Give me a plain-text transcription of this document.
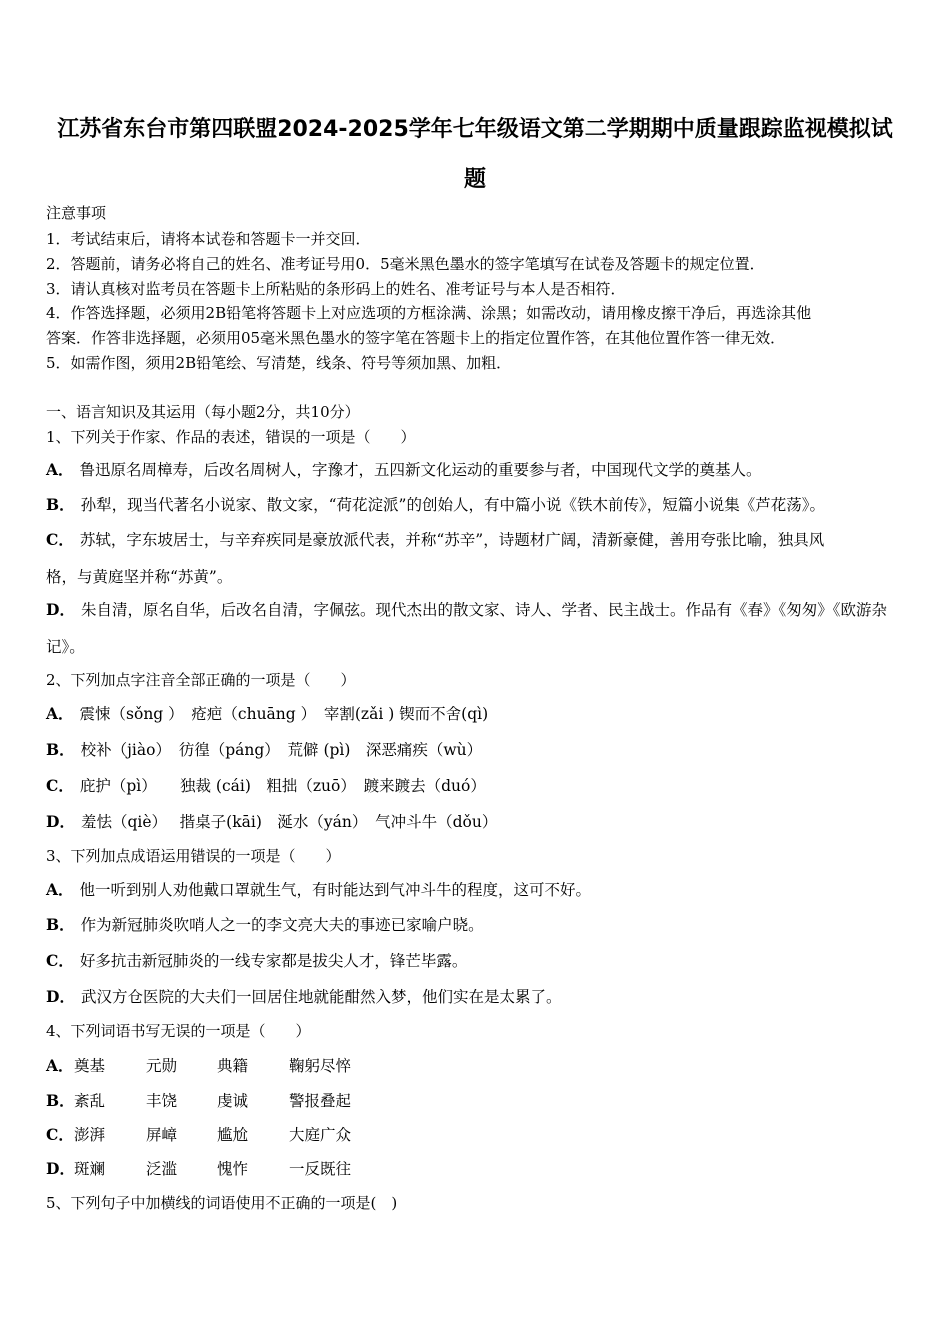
江苏省东台市第四联盟2024-2025学年七年级语文第二学期期中质量跟踪监视模拟试
题
注意事项
1．考试结束后，请将本试卷和答题卡一并交回．
2．答题前，请务必将自己的姓名、准考证号用0．5毫米黑色墨水的签字笔填写在试卷及答题卡的规定位置．
3．请认真核对监考员在答题卡上所粘贴的条形码上的姓名、准考证号与本人是否相符．
4．作答选择题，必须用2B铅笔将答题卡上对应选项的方框涂满、涂黑；如需改动，请用橡皮擦干净后，再选涂其他
答案．作答非选择题，必须用05毫米黑色墨水的签字笔在答题卡上的指定位置作答，在其他位置作答一律无效．
5．如需作图，须用2B铅笔绘、写清楚，线条、符号等须加黑、加粗．
一、语言知识及其运用（每小题2分，共10分）
1、下列关于作家、作品的表述，错误的一项是（　　）
A． 鲁迅原名周樟寿，后改名周树人，字豫才，五四新文化运动的重要参与者，中国现代文学的奠基人。
B． 孙犁，现当代著名小说家、散文家，“荷花淀派”的创始人，有中篇小说《铁木前传》，短篇小说集《芦花荡》。
C． 苏轼，字东坡居士，与辛弃疾同是豪放派代表，并称“苏辛”，诗题材广阔，清新豪健，善用夸张比喻，独具风
格，与黄庭坚并称“苏黄”。
D． 朱自清，原名自华，后改名自清，字佩弦。现代杰出的散文家、诗人、学者、民主战士。作品有《春》《匆匆》《欧游杂
记》。
2、下列加点字注音全部正确的一项是（　　）
A． 震悚（sǒng ）　疮疤（chuāng ）　宰割(zǎi ) 锲而不舍(qì)
B． 校补（jiào）　彷徨（páng）　荒僻 (pì)　深恶痛疾（wù）
C． 庇护（pì）　　独裁 (cái)　粗拙（zuō）　踱来踱去（duó）
D． 羞怯（qiè）　 揩桌子(kāi)　涎水（yán）　气冲斗牛（dǒu）
3、下列加点成语运用错误的一项是（　　）
A． 他一听到别人劝他戴口罩就生气，有时能达到气冲斗牛的程度，这可不好。
B． 作为新冠肺炎吹哨人之一的李文亮大夫的事迹已家喻户晓。
C． 好多抗击新冠肺炎的一线专家都是拔尖人才，锋芒毕露。
D． 武汉方仓医院的大夫们一回居住地就能酣然入梦，他们实在是太累了。
4、下列词语书写无误的一项是（　　）
A． 奠基	元勋	典籍	鞠躬尽悴
B． 紊乱	丰饶	虔诚	警报叠起
C． 澎湃	屏嶂	尴尬	大庭广众
D． 斑斓	泛滥	愧怍	一反既往
5、下列句子中加横线的词语使用不正确的一项是(　)
